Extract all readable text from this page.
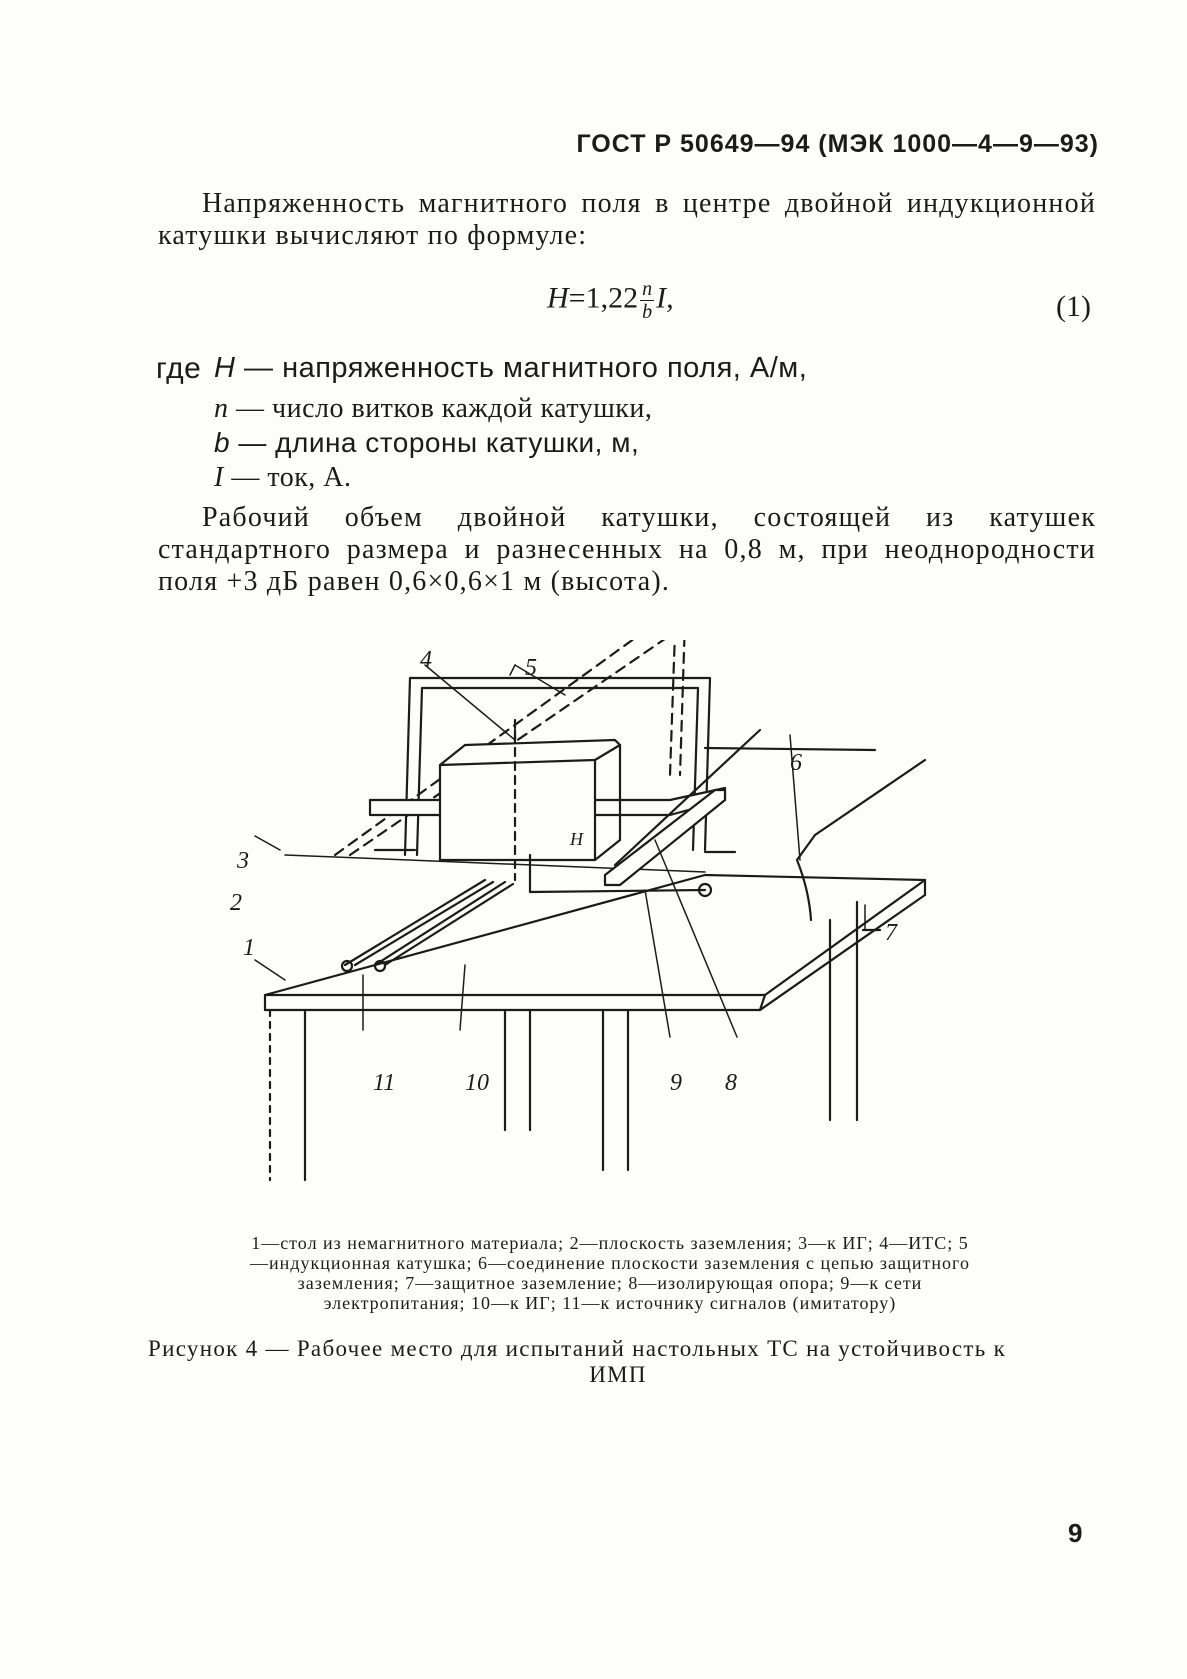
ГОСТ Р 50649—94 (МЭК 1000—4—9—93)
Напряженность магнитного поля в центре двойной индукционной катушки вычисляют по формуле:
$H=1,22 \frac{n}{b} I$,	(1)
где H — напряженность магнитного поля, А/м,
n — число витков каждой катушки,
b — длина стороны катушки, м,
I — ток, А.
Рабочий объем двойной катушки, состоящей из катушек стандартного размера и разнесенных на 0,8 м, при неоднородности поля +3 дБ равен 0,6×0,6×1 м (высота).
1
2
3
4	5
6
7
8
9
10
11
H
1—стол из немагнитного материала; 2—плоскость заземления; 3—к ИГ; 4—ИТС; 5—индукционная катушка; 6—соединение плоскости заземления с цепью защитного заземления; 7—защитное заземление; 8—изолирующая опора; 9—к сети электропитания; 10—к ИГ; 11—к источнику сигналов (имитатору)
Рисунок 4 — Рабочее место для испытаний настольных ТС на устойчивость к
ИМП
9
